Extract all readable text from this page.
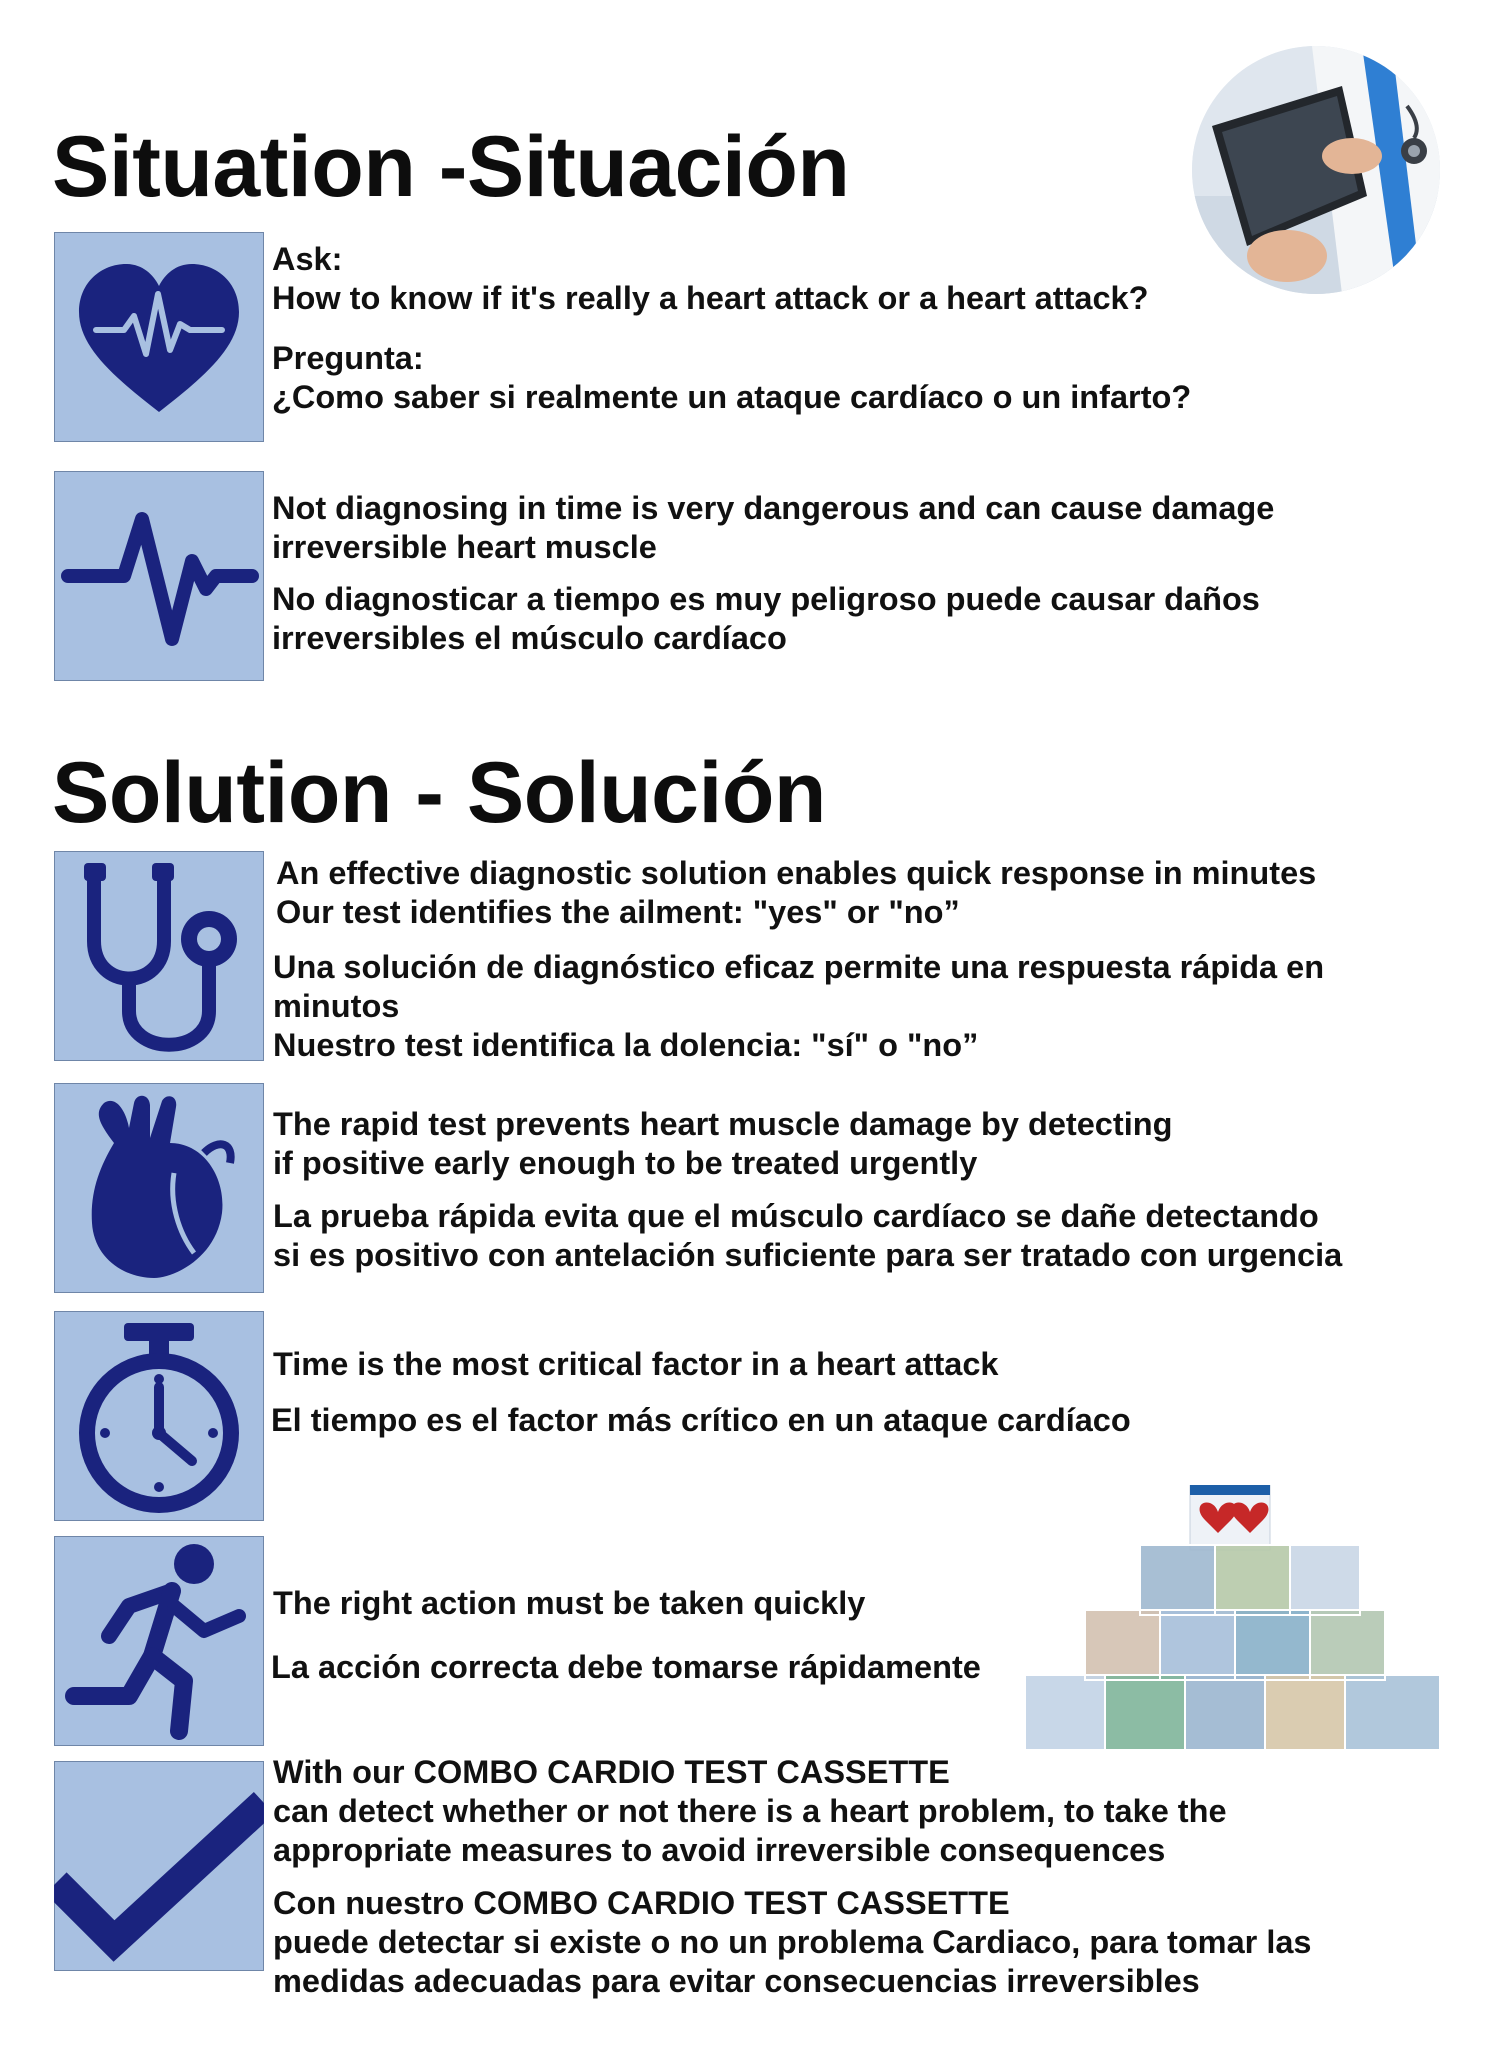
Situation -Situación
Ask:
How to know if it's really a heart attack or a heart attack?
Pregunta:
¿Como saber si realmente un ataque cardíaco o un infarto?
Not diagnosing in time is very dangerous and can cause damage
irreversible heart muscle
No diagnosticar a tiempo es muy peligroso puede causar daños
irreversibles el músculo cardíaco
Solution - Solución
An effective diagnostic solution enables quick response in minutes
Our test identifies the ailment: "yes" or "no”
Una solución de diagnóstico eficaz permite una respuesta rápida en
minutos
Nuestro test identifica la dolencia: "sí" o "no”
The rapid test prevents heart muscle damage by detecting
if positive early enough to be treated urgently
La prueba rápida evita que el músculo cardíaco se dañe detectando
si es positivo con antelación suficiente para ser tratado con urgencia
Time is the most critical factor in a heart attack
El tiempo es el factor más crítico en un ataque cardíaco
The right action must be taken quickly
La acción correcta debe tomarse rápidamente
With our COMBO CARDIO TEST CASSETTE
can detect whether or not there is a heart problem, to take the
appropriate measures to avoid irreversible consequences
Con nuestro COMBO CARDIO TEST CASSETTE
puede detectar si existe o no un problema Cardiaco, para tomar las
medidas adecuadas para evitar consecuencias irreversibles
